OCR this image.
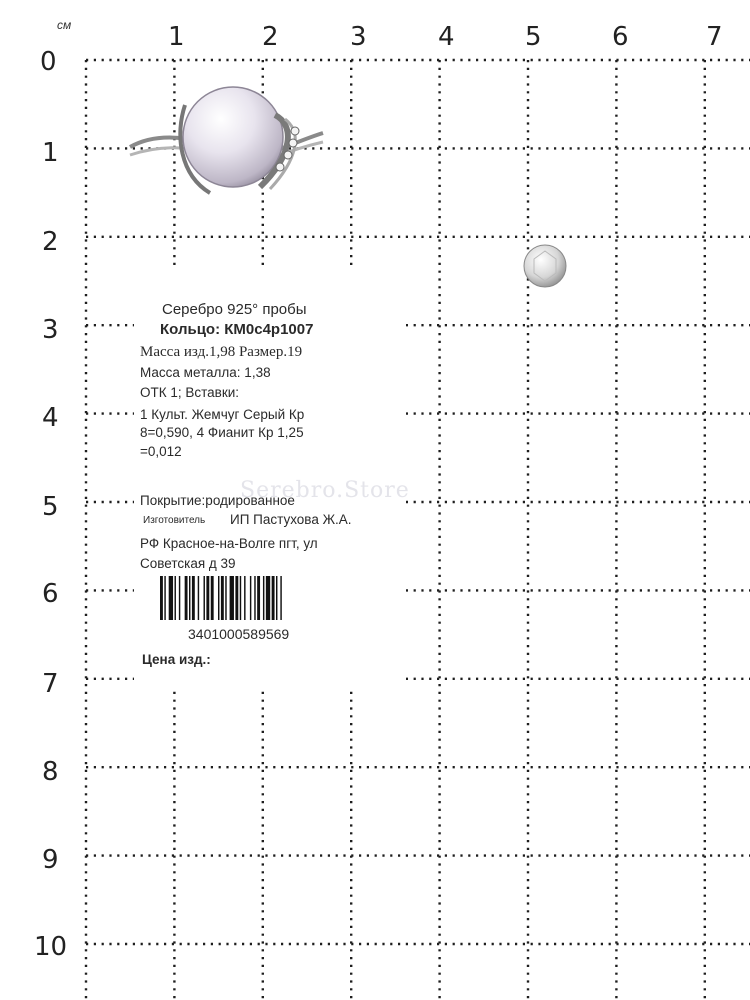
см	1	2	3	4	5	6	7
0
1
2
3
4
5
6
7
8
9
10
Serebro.Store
Серебро 925° пробы
Кольцо: КМ0с4р1007
Масса изд.1,98 Размер.19
Масса металла: 1,38
ОТК 1; Вставки:
1 Культ. Жемчуг Серый Кр
8=0,590, 4 Фианит Кр 1,25
=0,012
Покрытие:родированное
Изготовитель ИП Пастухова Ж.А.
РФ Красное-на-Волге пгт, ул
Советская д 39
3401000589569
Цена изд.:
